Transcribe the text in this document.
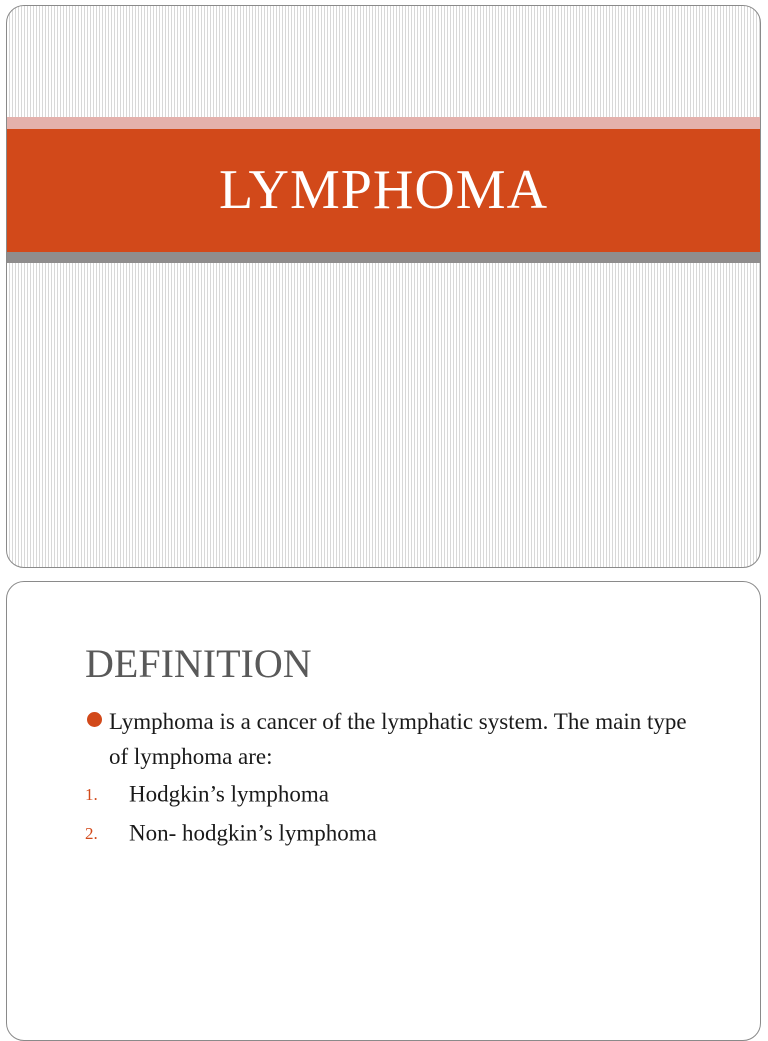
LYMPHOMA
DEFINITION
Lymphoma is a cancer of the lymphatic system. The main type of lymphoma are:
1. Hodgkin’s lymphoma
2. Non- hodgkin’s lymphoma
